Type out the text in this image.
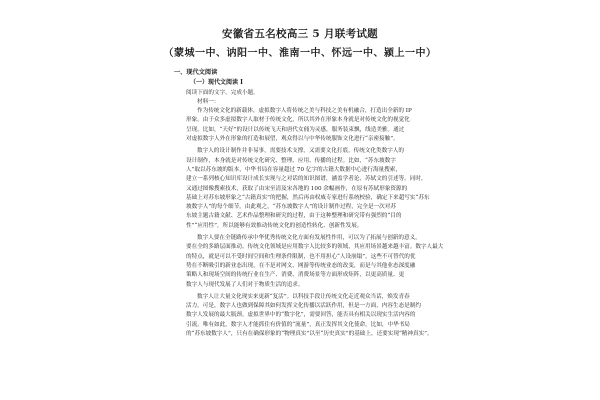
安徽省五名校高三 5 月联考试题
（蒙城一中、讷阳一中、淮南一中、怀远一中、颍上一中）
一、现代文阅读
（一）现代文阅读 I
阅读下面的文字，完成小题。
材料一：
作为传统文化的新载体，虚拟数字人将传统之美与科技之美有机融合，打造出全新的 IP
形象。由于众多虚拟数字人取材于传统文化，所以其外在形象本身就是对传统文化的视觉化
呈现。比如，“天好”的设计以传统飞天和唐代女俑为灵感，服务装束飘，线造美雅。通过
对虚拟数字人外在形象的打造和展望，观众得以与中华传统服饰文化进行“亲密接触”。
数字人的设计制作并非易事，需要技术支撑，又需要文化打底。传统文化类数字人的
设计制作，本身就是对传统文化研究、整理、应用、传播的过程。比如，“苏东坡数字
人”取以苏东坡的版本，中华书局在容量超过 70 亿字的古籍大数据中心进行海量搜索，
建立一系列核心知识库设计成长实现与之对话的知识图谱，涵盖学者论、苏轼文的引述等。同时，
又通过图像搜索技术，获取了由宋至清及宋各地的 100 余幅画作，在原有苏轼形象资源的
基础上对苏东坡形象之“古籍真实”的把握，然后再由权威专家进行系统校验，确定下来超写实“苏东
坡数字人”的每个细节。由此观之，“苏东坡数字人”的设计制作过程，完全是一次对苏
东坡主题古籍文献、艺术作品整理和研究的过程，由于这种整理和研究带有强烈的“目的
性”“应用性”，所以能够有效推动传统文化的创造性转化、创新性发展。
数字人要在全链路传承中华优秀传统文化方面有发展性作用，可以为了拓展与创新的意义，
要在全的多路层面推动。传统文化领域是应用数字人比较多的领域，其应用场景越来越丰富。数字人最大
的特点，就是可以不受时间空间和生理条件限制，也不用担心“人设崩塌”，这些不可替代的优
势在不断吸引的新业态出现，在不是对网文、网游等传统业态的改变，而是与其他业态深度融
策略人和现场空间的传统行业在生产、消费、消费场景等方面形成矩阵，以更高质量、更
数字人与现代发展了人们对于物质生活的追求。
数字人让大量文化现实来更新“复活”。以科技手段让传统文化走近观众当话，焕发青春
活力。可是，数字人也做到保障其如何发挥文化传播以活跃作用，但是一方面，内容生态是制约
数字人发展的最大瓶颈。虚拟世界中的“数字化”，需要回答，能否具有相关以现实生活内容的
引流。唯有如此，数字人才能抓住有价值的“流量”，真正发挥其文化使命。比如，中华书局
的“苏东坡数字人”，只有在确保形象的“物理真实”以至“历史真实”的基础上，还要实现“精神真实”。
